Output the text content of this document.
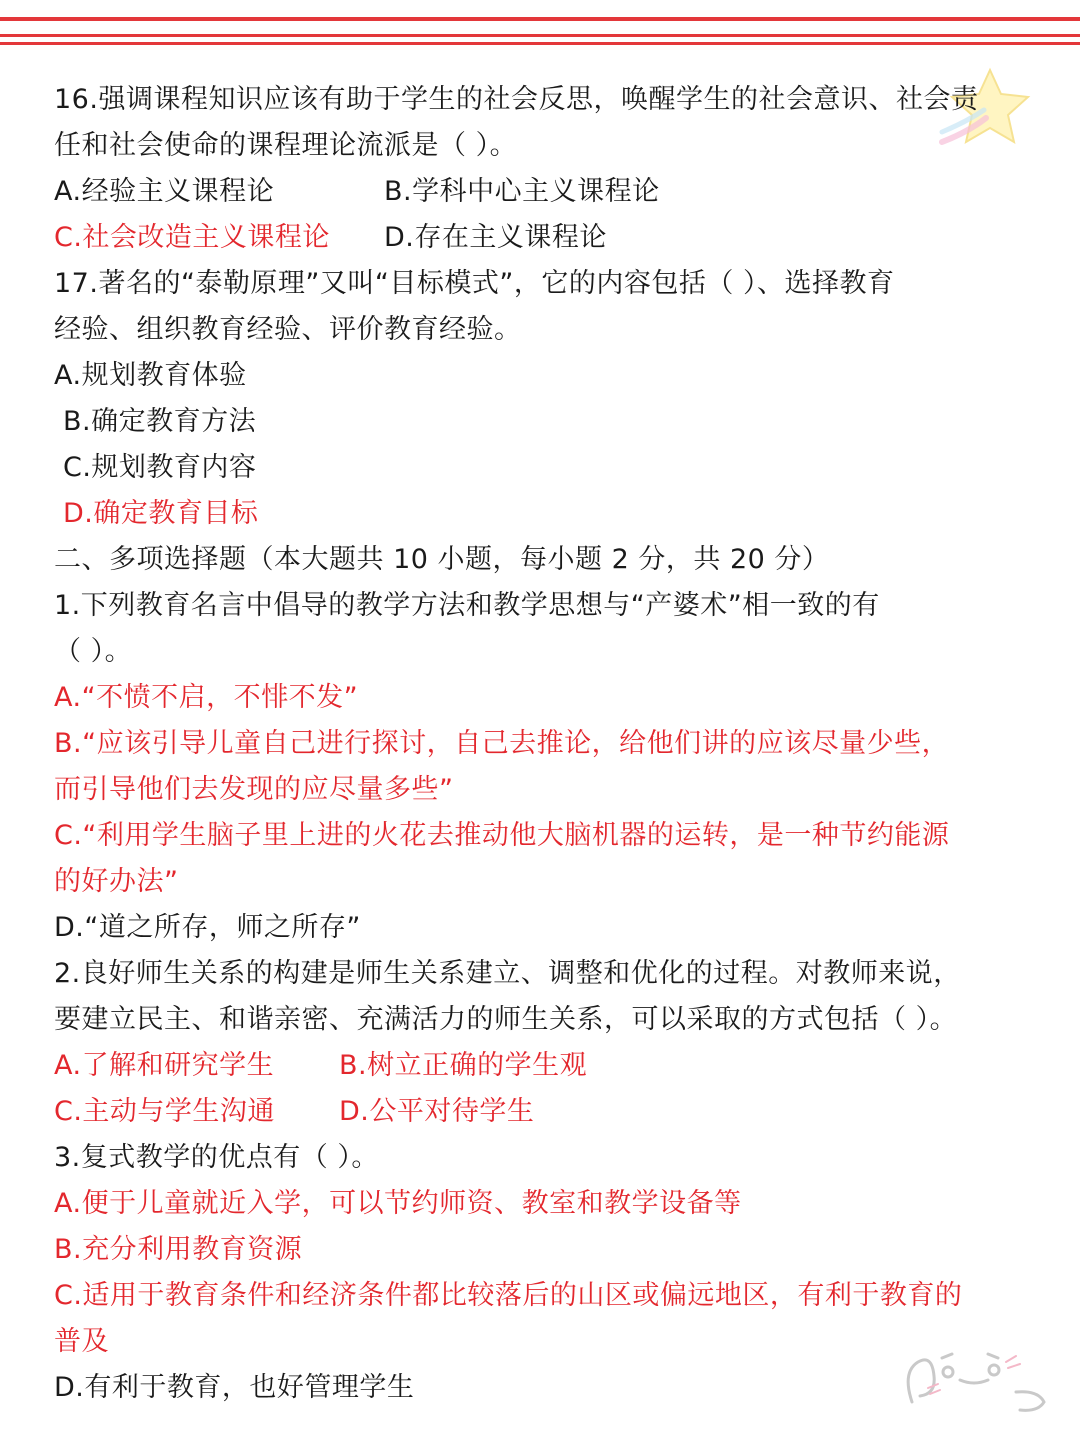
16.强调课程知识应该有助于学生的社会反思，唤醒学生的社会意识、社会责
任和社会使命的课程理论流派是（ ）。
A.经验主义课程论	B.学科中心主义课程论
C.社会改造主义课程论 D.存在主义课程论
17.著名的“泰勒原理”又叫“目标模式”，它的内容包括（ ）、选择教育
经验、组织教育经验、评价教育经验。
A.规划教育体验
B.确定教育方法
C.规划教育内容
D.确定教育目标
二、多项选择题（本大题共 10 小题，每小题 2 分，共 20 分）
1.下列教育名言中倡导的教学方法和教学思想与“产婆术”相一致的有
（ ）。
A.“不愤不启，不悱不发”
B.“应该引导儿童自己进行探讨，自己去推论，给他们讲的应该尽量少些，
而引导他们去发现的应尽量多些”
C.“利用学生脑子里上进的火花去推动他大脑机器的运转，是一种节约能源
的好办法”
D.“道之所存，师之所存”
2.良好师生关系的构建是师生关系建立、调整和优化的过程。对教师来说，
要建立民主、和谐亲密、充满活力的师生关系，可以采取的方式包括（ ）。
A.了解和研究学生 B.树立正确的学生观
C.主动与学生沟通 D.公平对待学生
3.复式教学的优点有（ ）。
A.便于儿童就近入学，可以节约师资、教室和教学设备等
B.充分利用教育资源
C.适用于教育条件和经济条件都比较落后的山区或偏远地区，有利于教育的
普及
D.有利于教育，也好管理学生
